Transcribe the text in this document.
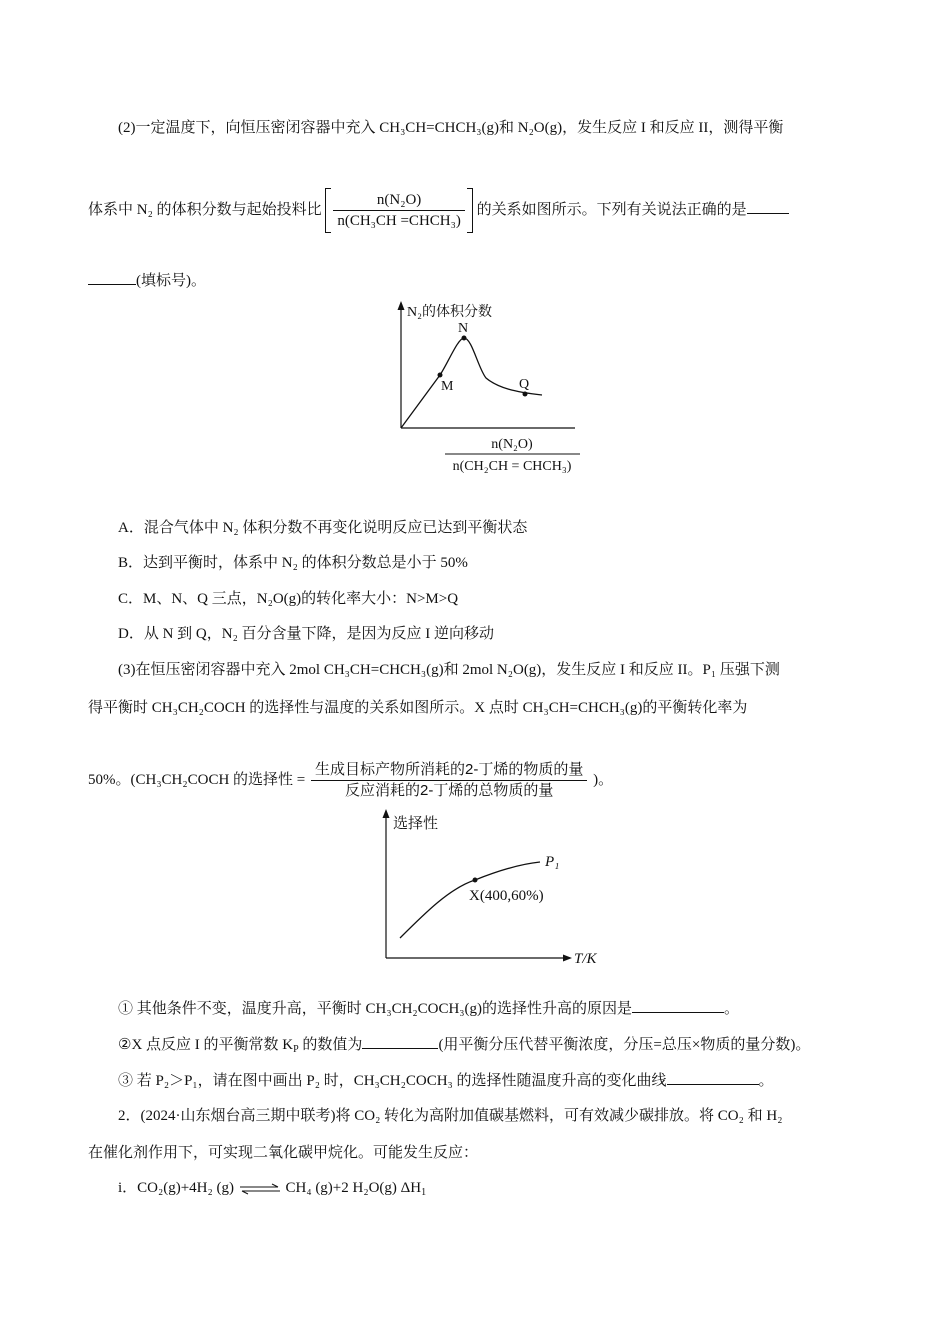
(2)一定温度下，向恒压密闭容器中充入 CH₃CH=CHCH₃(g)和 N₂O(g)，发生反应 I 和反应 II，测得平衡
体系中 N₂ 的体积分数与起始投料比 $\frac{\text{n(N₂O)}}{\text{n(CH₃CH =CHCH₃)}}$ 的关系如图所示。下列有关说法正确的是
(填标号)。
N₂的体积分数
M
N
Q
n(N₂O)
n(CH₂CH = CHCH₃)
A．混合气体中 N₂ 体积分数不再变化说明反应已达到平衡状态
B．达到平衡时，体系中 N₂ 的体积分数总是小于 50%
C．M、N、Q 三点，N₂O(g)的转化率大小：N>M>Q
D．从 N 到 Q，N₂ 百分含量下降，是因为反应 I 逆向移动
(3)在恒压密闭容器中充入 2mol CH₃CH=CHCH₃(g)和 2mol N₂O(g)，发生反应 I 和反应 II。P₁ 压强下测
得平衡时 CH₃CH₂COCH 的选择性与温度的关系如图所示。X 点时 CH₃CH=CHCH₃(g)的平衡转化率为
50%。(CH₃CH₂COCH 的选择性 = $\frac{\text{生成目标产物所消耗的2-丁烯的物质的量}}{\text{反应消耗的2-丁烯的总物质的量}}$ )。
选择性
P₁
X(400,60%)
T/K
① 其他条件不变，温度升高，平衡时 CH₃CH₂COCH₃(g)的选择性升高的原因是	。
②X 点反应 I 的平衡常数 $K_P$ 的数值为	(用平衡分压代替平衡浓度，分压=总压×物质的量分数)。
③ 若 P₂＞P₁，请在图中画出 P₂ 时，CH₃CH₂COCH₃ 的选择性随温度升高的变化曲线	。
2．(2024·山东烟台高三期中联考)将 CO₂ 转化为高附加值碳基燃料，可有效减少碳排放。将 CO₂ 和 H₂
在催化剂作用下，可实现二氧化碳甲烷化。可能发生反应：
i．CO₂(g)+4H₂ (g) ⇌ CH₄ (g)+2 H₂O(g) $\Delta H_1$
